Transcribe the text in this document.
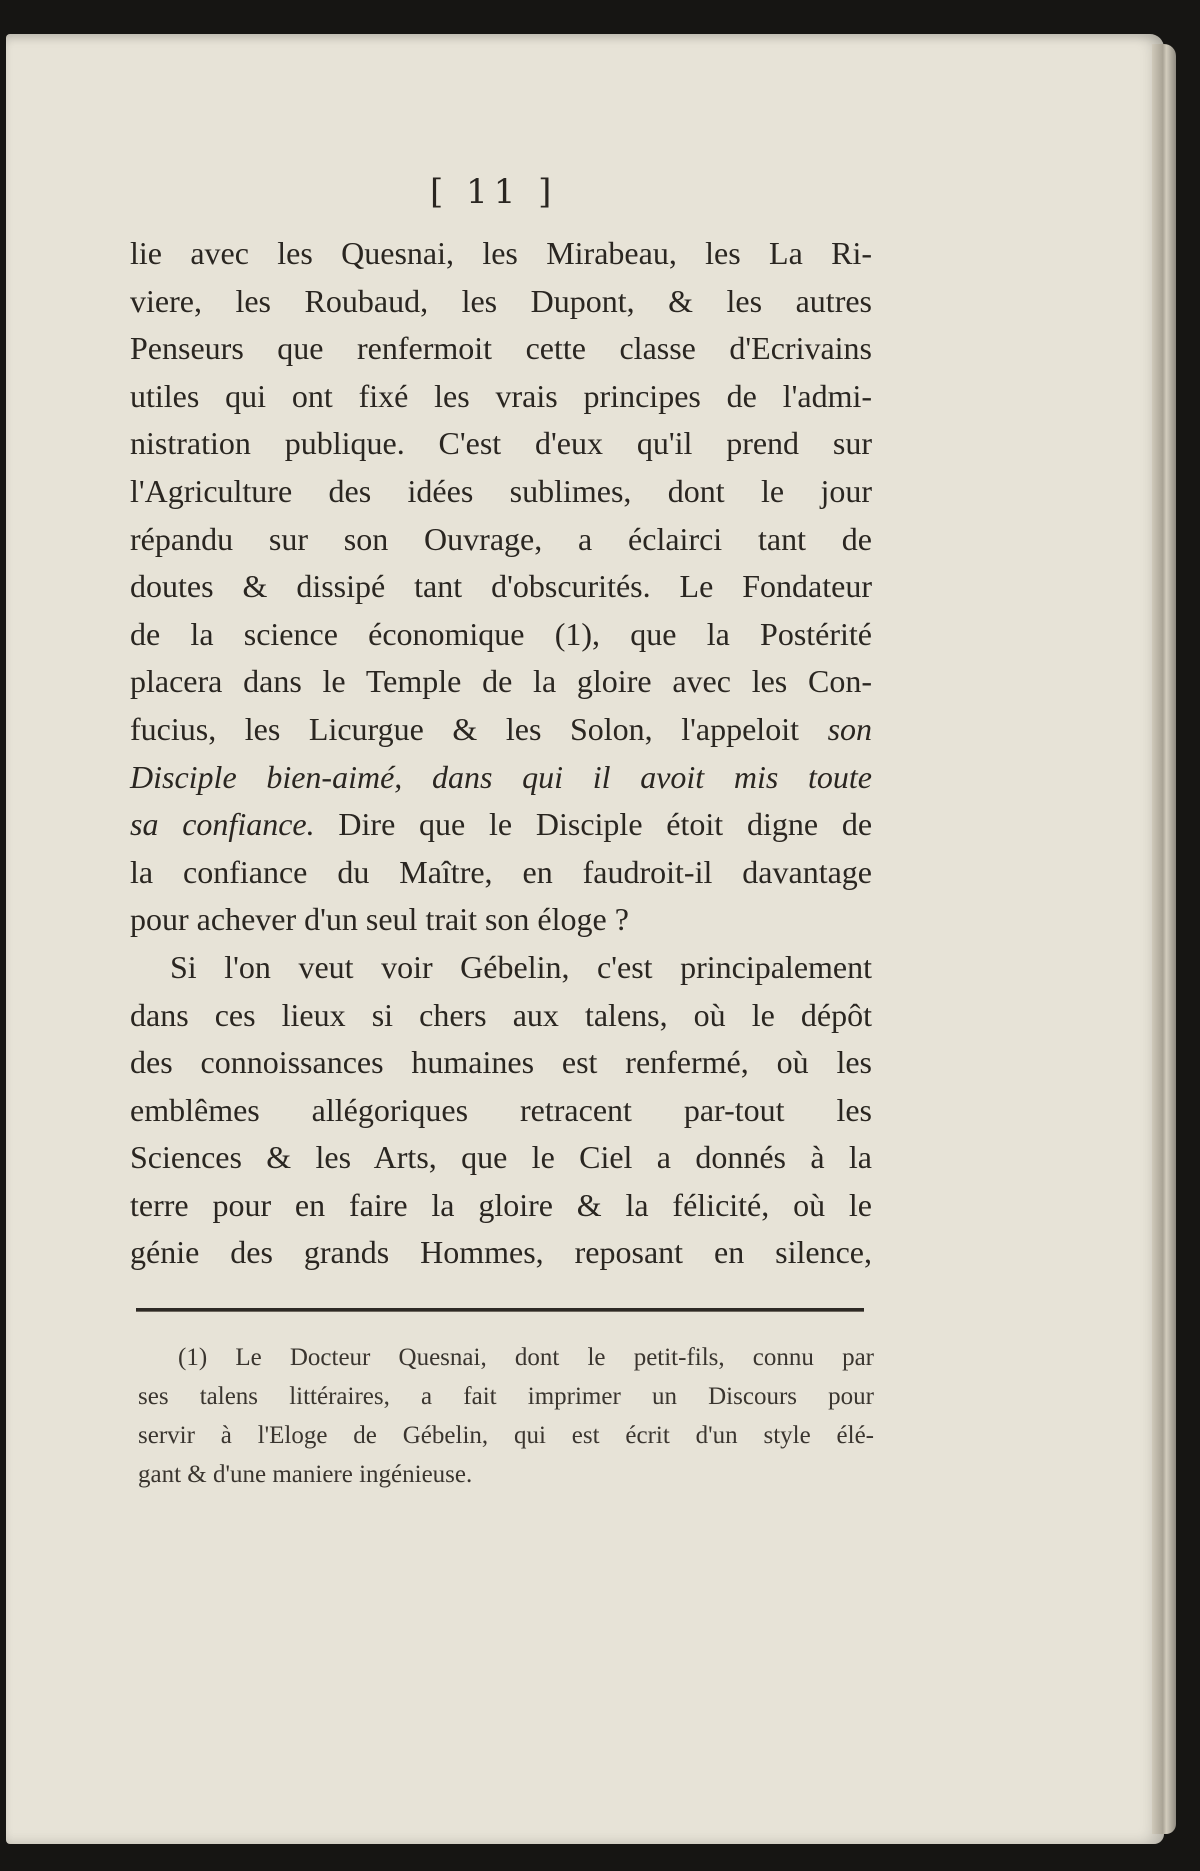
[ 11 ]
lie avec les Quesnai, les Mirabeau, les La Ri-
viere, les Roubaud, les Dupont, & les autres
Penseurs que renfermoit cette classe d'Ecrivains
utiles qui ont fixé les vrais principes de l'admi-
nistration publique. C'est d'eux qu'il prend sur
l'Agriculture des idées sublimes, dont le jour
répandu sur son Ouvrage, a éclairci tant de
doutes & dissipé tant d'obscurités. Le Fondateur
de la science économique (1), que la Postérité
placera dans le Temple de la gloire avec les Con-
fucius, les Licurgue & les Solon, l'appeloit son
Disciple bien-aimé, dans qui il avoit mis toute
sa confiance. Dire que le Disciple étoit digne de
la confiance du Maître, en faudroit-il davantage
pour achever d'un seul trait son éloge ?
Si l'on veut voir Gébelin, c'est principalement
dans ces lieux si chers aux talens, où le dépôt
des connoissances humaines est renfermé, où les
emblêmes allégoriques retracent par-tout les
Sciences & les Arts, que le Ciel a donnés à la
terre pour en faire la gloire & la félicité, où le
génie des grands Hommes, reposant en silence,
(1) Le Docteur Quesnai, dont le petit-fils, connu par
ses talens littéraires, a fait imprimer un Discours pour
servir à l'Eloge de Gébelin, qui est écrit d'un style élé-
gant & d'une maniere ingénieuse.
